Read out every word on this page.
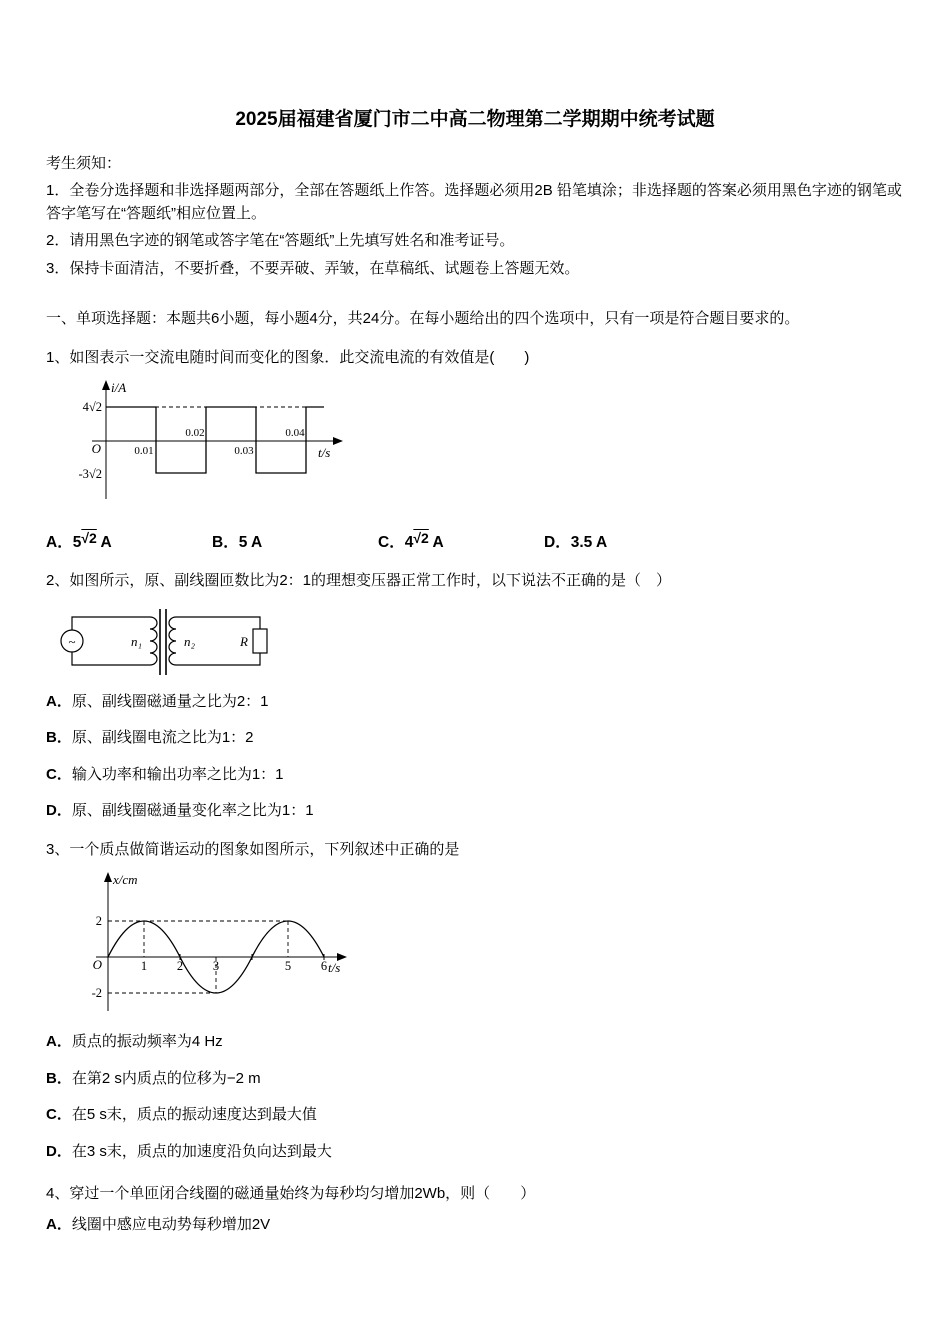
2025届福建省厦门市二中高二物理第二学期期中统考试题

考生须知：

1．全卷分选择题和非选择题两部分，全部在答题纸上作答。选择题必须用2B 铅笔填涂；非选择题的答案必须用黑色字迹的钢笔或答字笔写在“答题纸”相应位置上。

2．请用黑色字迹的钢笔或答字笔在“答题纸”上先填写姓名和准考证号。

3．保持卡面清洁，不要折叠，不要弄破、弄皱，在草稿纸、试题卷上答题无效。

一、单项选择题：本题共6小题，每小题4分，共24分。在每小题给出的四个选项中，只有一项是符合题目要求的。

1、如图表示一交流电随时间而变化的图象．此交流电流的有效值是(　　)

i/A
t/s
O
4√2
-3√2
0.01
0.02
0.03
0.04
A．5√2 A	B．5 A	C．4√2 A	D．3.5 A

2、如图所示，原、副线圈匝数比为2：1的理想变压器正常工作时，以下说法不正确的是（　）

~	n₁	n₂	R

A．原、副线圈磁通量之比为2：1

B．原、副线圈电流之比为1：2

C．输入功率和输出功率之比为1：1

D．原、副线圈磁通量变化率之比为1：1

3、一个质点做简谐运动的图象如图所示，下列叙述中正确的是

x/cm
t/s
O
2
-2
1 2 3	5 6

A．质点的振动频率为4 Hz

B．在第2 s内质点的位移为−2 m

C．在5 s末，质点的振动速度达到最大值

D．在3 s末，质点的加速度沿负向达到最大

4、穿过一个单匝闭合线圈的磁通量始终为每秒均匀增加2Wb，则（　　）

A．线圈中感应电动势每秒增加2V
